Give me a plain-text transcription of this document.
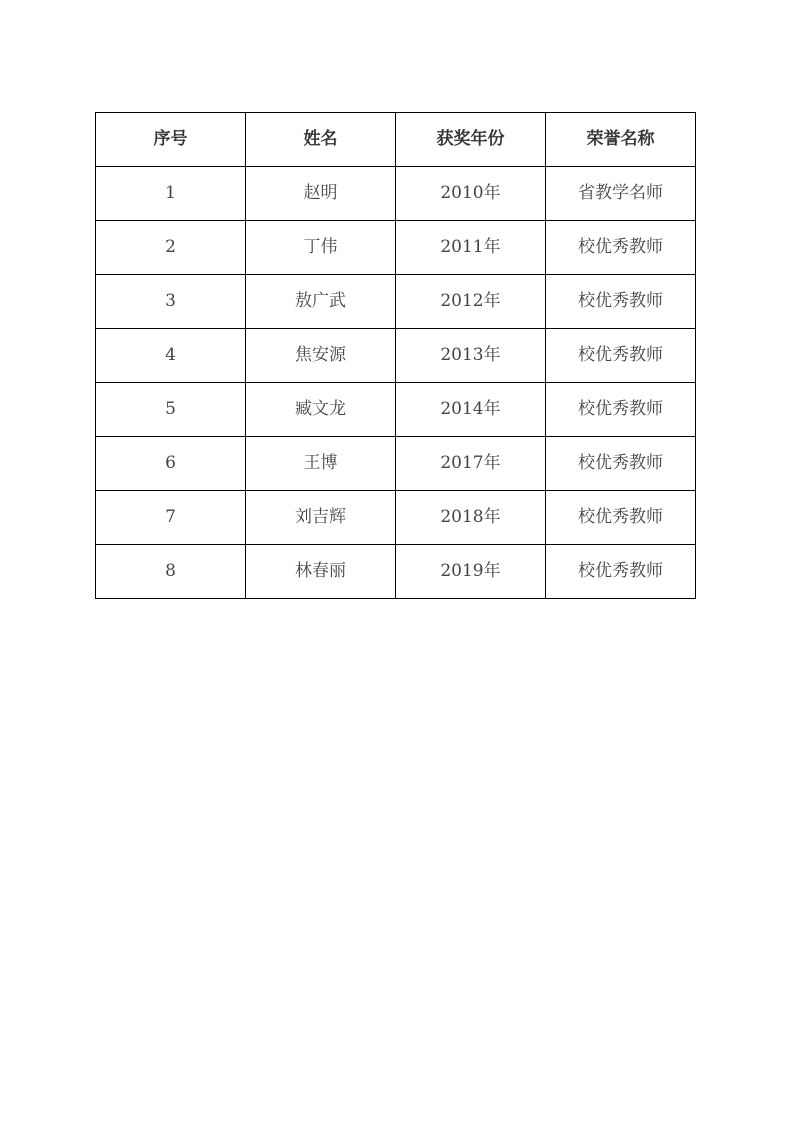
序号	姓名	获奖年份	荣誉名称
1	赵明	2010年	省教学名师
2	丁伟	2011年	校优秀教师
3	敖广武	2012年	校优秀教师
4	焦安源	2013年	校优秀教师
5	臧文龙	2014年	校优秀教师
6	王博	2017年	校优秀教师
7	刘吉辉	2018年	校优秀教师
8	林春丽	2019年	校优秀教师
